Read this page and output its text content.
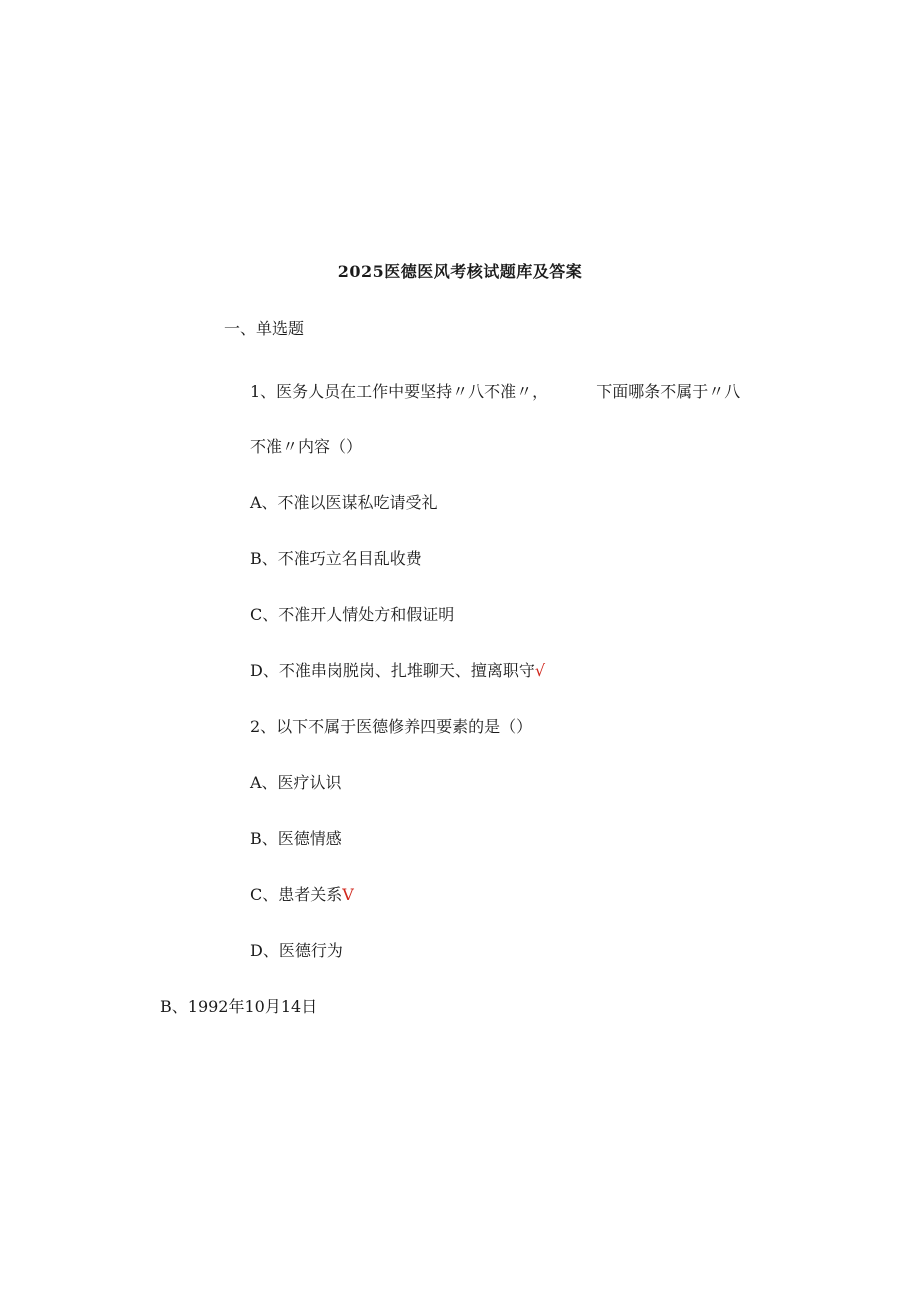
2025医德医风考核试题库及答案
一、单选题
1、医务人员在工作中要坚持〃八不准〃，	下面哪条不属于〃八
不准〃内容（）
A、不准以医谋私吃请受礼
B、不准巧立名目乱收费
C、不准开人情处方和假证明
D、不准串岗脱岗、扎堆聊天、擅离职守√
2、以下不属于医德修养四要素的是（）
A、医疗认识
B、医德情感
C、患者关系V
D、医德行为
B、1992年10月14日
